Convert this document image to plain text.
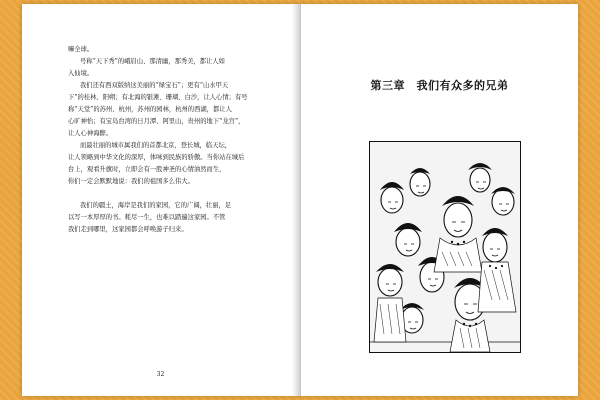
嘛全球。

号称“天下秀”的峨眉山、那清幽，那秀美，都让人如

入仙境。

我们还有西双版纳这美丽的“绿宝石”；更有“山水甲天

下”的桂林、阳朔；有北海的银滩、珊瑚、白沙，让人心情；有号

称“天堂”的苏州、杭州，苏州的园林，杭州的西湖，都让人

心旷神怡；有宝岛台湾的日月潭、阿里山，贵州的地下“龙宫”，

让人心神海醉。

而最壮丽的城市属我们的首都北京，登长城，临天坛，

让人领略到中华文化的深厚，体味到民族的骄傲。当你站在城后

台上，观看升旗时，立即会有一股神圣的心情油然而生，

你们一定会默默地说：我们的祖国多么伟大。

我们的疆土，海岸是我们的家园，它的广阔，壮丽，足

以写一本厚厚的书。耗尽一生，也难以踏遍这家园。不管

我们走到哪里，这家园都会呼唤游子归来。

32
第三章　我们有众多的兄弟
